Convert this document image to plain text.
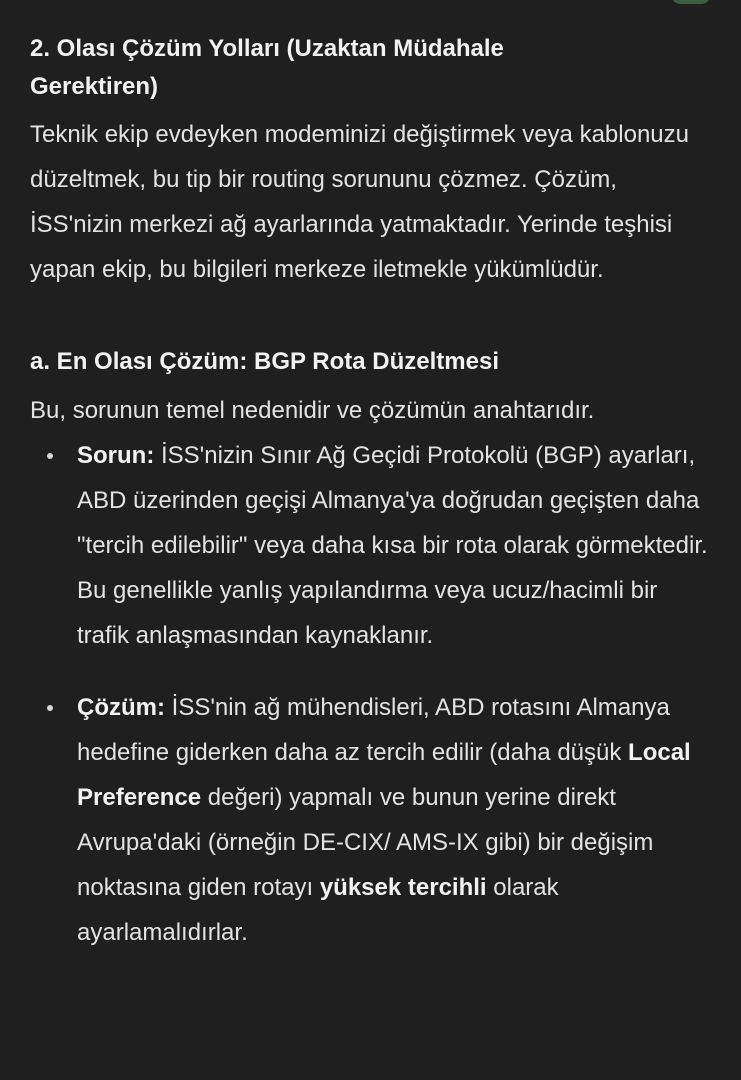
2. Olası Çözüm Yolları (Uzaktan Müdahale Gerektiren)

Teknik ekip evdeyken modeminizi değiştirmek veya kablonuzu düzeltmek, bu tip bir routing sorununu çözmez. Çözüm, İSS'nizin merkezi ağ ayarlarında yatmaktadır. Yerinde teşhisi yapan ekip, bu bilgileri merkeze iletmekle yükümlüdür.

a. En Olası Çözüm: BGP Rota Düzeltmesi

Bu, sorunun temel nedenidir ve çözümün anahtarıdır.

Sorun: İSS'nizin Sınır Ağ Geçidi Protokolü (BGP) ayarları, ABD üzerinden geçişi Almanya'ya doğrudan geçişten daha "tercih edilebilir" veya daha kısa bir rota olarak görmektedir. Bu genellikle yanlış yapılandırma veya ucuz/hacimli bir trafik anlaşmasından kaynaklanır.
Çözüm: İSS'nin ağ mühendisleri, ABD rotasını Almanya hedefine giderken daha az tercih edilir (daha düşük Local Preference değeri) yapmalı ve bunun yerine direkt Avrupa'daki (örneğin DE-CIX/ AMS-IX gibi) bir değişim noktasına giden rotayı yüksek tercihli olarak ayarlamalıdırlar.
